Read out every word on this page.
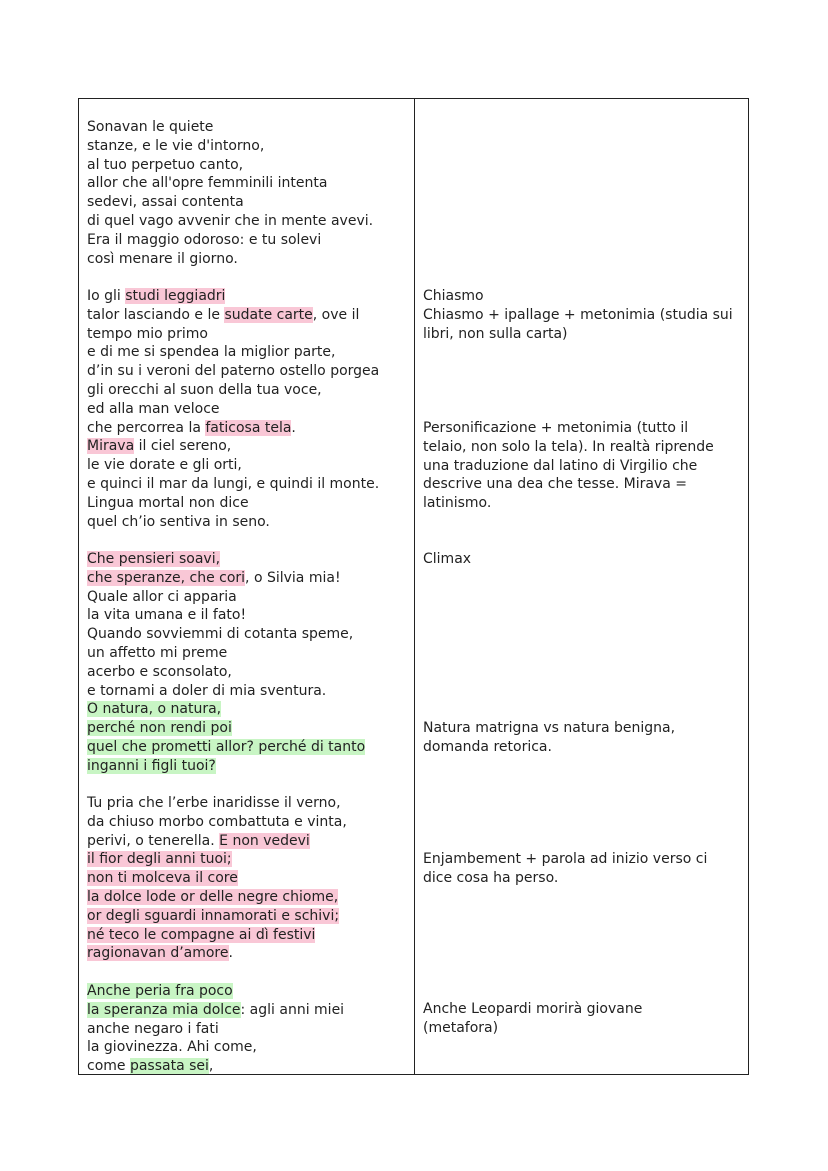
Sonavan le quiete
stanze, e le vie d'intorno,
al tuo perpetuo canto,
allor che all'opre femminili intenta
sedevi, assai contenta
di quel vago avvenir che in mente avevi.
Era il maggio odoroso: e tu solevi
così menare il giorno.
Io gli studi leggiadri
talor lasciando e le sudate carte, ove il
tempo mio primo
e di me si spendea la miglior parte,
d’in su i veroni del paterno ostello porgea
gli orecchi al suon della tua voce,
ed alla man veloce
che percorrea la faticosa tela.
Mirava il ciel sereno,
le vie dorate e gli orti,
e quinci il mar da lungi, e quindi il monte.
Lingua mortal non dice
quel ch’io sentiva in seno.
Che pensieri soavi,
che speranze, che cori, o Silvia mia!
Quale allor ci apparia
la vita umana e il fato!
Quando sovviemmi di cotanta speme,
un affetto mi preme
acerbo e sconsolato,
e tornami a doler di mia sventura.
O natura, o natura,
perché non rendi poi
quel che prometti allor? perché di tanto
inganni i figli tuoi?
Tu pria che l’erbe inaridisse il verno,
da chiuso morbo combattuta e vinta,
perivi, o tenerella. E non vedevi
il fior degli anni tuoi;
non ti molceva il core
la dolce lode or delle negre chiome,
or degli sguardi innamorati e schivi;
né teco le compagne ai dì festivi
ragionavan d’amore.
Anche peria fra poco
la speranza mia dolce: agli anni miei
anche negaro i fati
la giovinezza. Ahi come,
come passata sei,
Chiasmo
Chiasmo + ipallage + metonimia (studia sui
libri, non sulla carta)
Personificazione + metonimia (tutto il
telaio, non solo la tela). In realtà riprende
una traduzione dal latino di Virgilio che
descrive una dea che tesse. Mirava =
latinismo.
Climax
Natura matrigna vs natura benigna,
domanda retorica.
Enjambement + parola ad inizio verso ci
dice cosa ha perso.
Anche Leopardi morirà giovane
(metafora)
